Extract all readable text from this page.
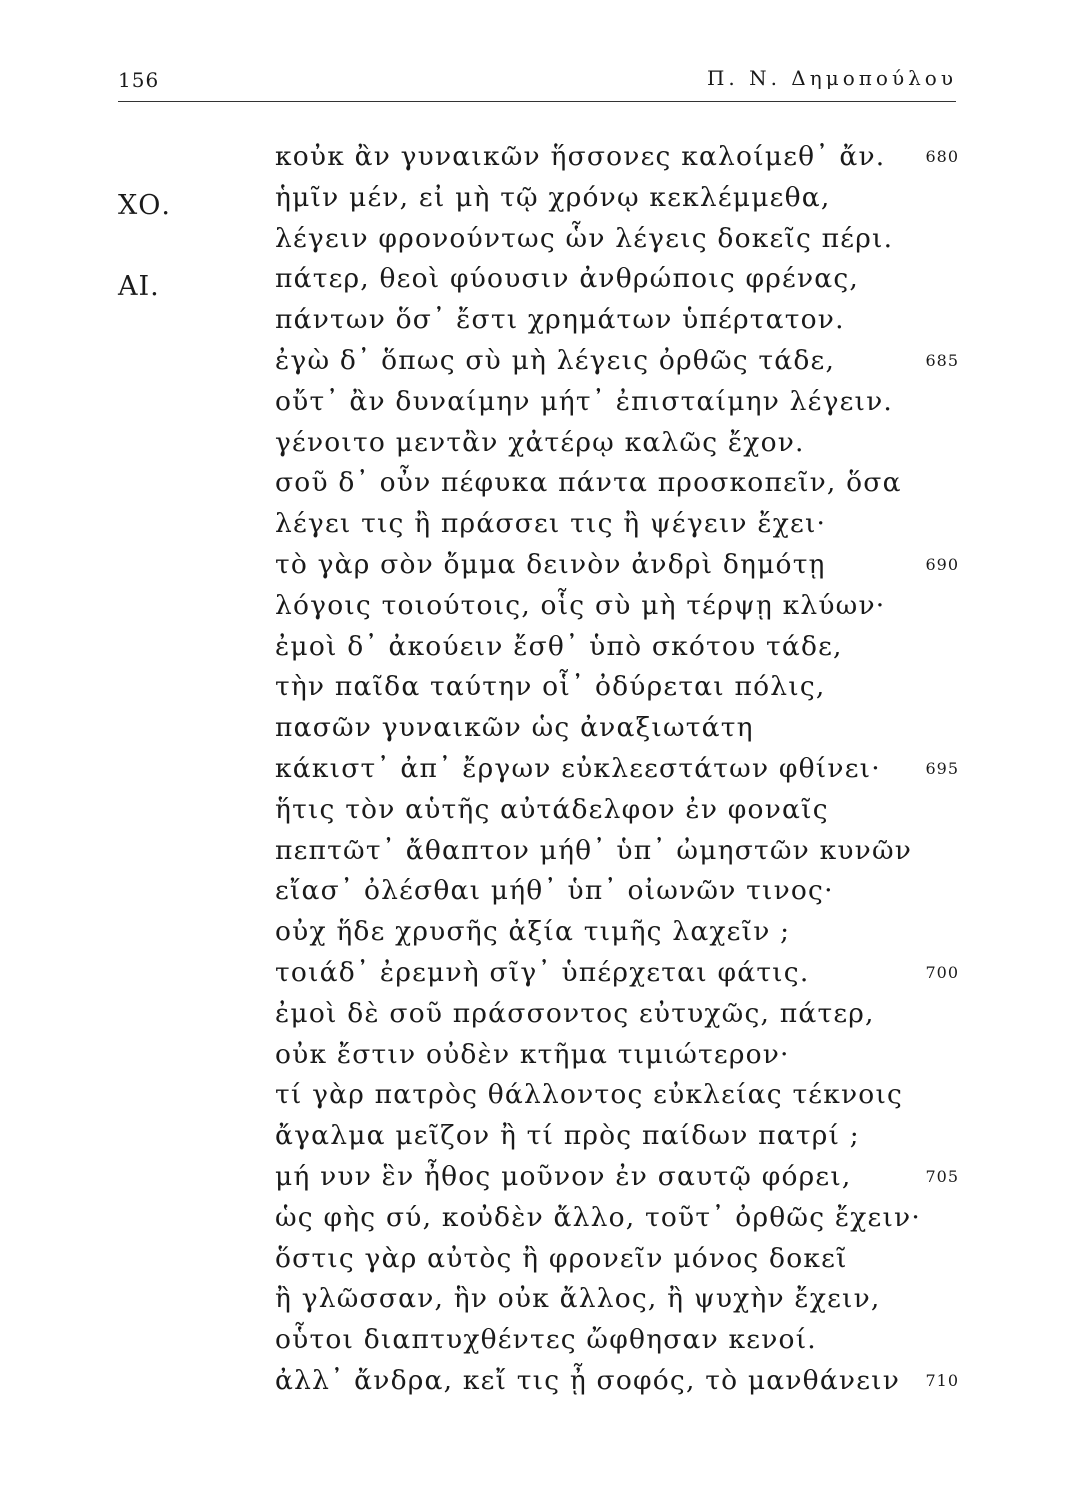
156	Π. Ν. Δημοπούλου
κοὐκ ἂν γυναικῶν ἥσσονες καλοίμεθ᾽ ἄν.	680
ΧΟ.	ἡμῖν μέν, εἰ μὴ τῷ χρόνῳ κεκλέμμεθα,
λέγειν φρονούντως ὧν λέγεις δοκεῖς πέρι.
ΑΙ.	πάτερ, θεοὶ φύουσιν ἀνθρώποις φρένας,
πάντων ὅσ᾽ ἔστι χρημάτων ὑπέρτατον.
ἐγὼ δ᾽ ὅπως σὺ μὴ λέγεις ὀρθῶς τάδε,	685
οὔτ᾽ ἂν δυναίμην μήτ᾽ ἐπισταίμην λέγειν.
γένοιτο μεντἂν χἀτέρῳ καλῶς ἔχον.
σοῦ δ᾽ οὖν πέφυκα πάντα προσκοπεῖν, ὅσα
λέγει τις ἢ πράσσει τις ἢ ψέγειν ἔχει·
τὸ γὰρ σὸν ὄμμα δεινὸν ἀνδρὶ δημότῃ	690
λόγοις τοιούτοις, οἷς σὺ μὴ τέρψῃ κλύων·
ἐμοὶ δ᾽ ἀκούειν ἔσθ᾽ ὑπὸ σκότου τάδε,
τὴν παῖδα ταύτην οἷ᾽ ὀδύρεται πόλις,
πασῶν γυναικῶν ὡς ἀναξιωτάτη
κάκιστ᾽ ἀπ᾽ ἔργων εὐκλεεστάτων φθίνει·	695
ἥτις τὸν αὑτῆς αὐτάδελφον ἐν φοναῖς
πεπτῶτ᾽ ἄθαπτον μήθ᾽ ὑπ᾽ ὠμηστῶν κυνῶν
εἴασ᾽ ὀλέσθαι μήθ᾽ ὑπ᾽ οἰωνῶν τινος·
οὐχ ἥδε χρυσῆς ἀξία τιμῆς λαχεῖν ;
τοιάδ᾽ ἐρεμνὴ σῖγ᾽ ὑπέρχεται φάτις.	700
ἐμοὶ δὲ σοῦ πράσσοντος εὐτυχῶς, πάτερ,
οὐκ ἔστιν οὐδὲν κτῆμα τιμιώτερον·
τί γὰρ πατρὸς θάλλοντος εὐκλείας τέκνοις
ἄγαλμα μεῖζον ἢ τί πρὸς παίδων πατρί ;
μή νυν ἓν ἦθος μοῦνον ἐν σαυτῷ φόρει,	705
ὡς φὴς σύ, κοὐδὲν ἄλλο, τοῦτ᾽ ὀρθῶς ἔχειν·
ὅστις γὰρ αὐτὸς ἢ φρονεῖν μόνος δοκεῖ
ἢ γλῶσσαν, ἣν οὐκ ἄλλος, ἢ ψυχὴν ἔχειν,
οὗτοι διαπτυχθέντες ὤφθησαν κενοί.
ἀλλ᾽ ἄνδρα, κεἴ τις ᾖ σοφός, τὸ μανθάνειν 710
